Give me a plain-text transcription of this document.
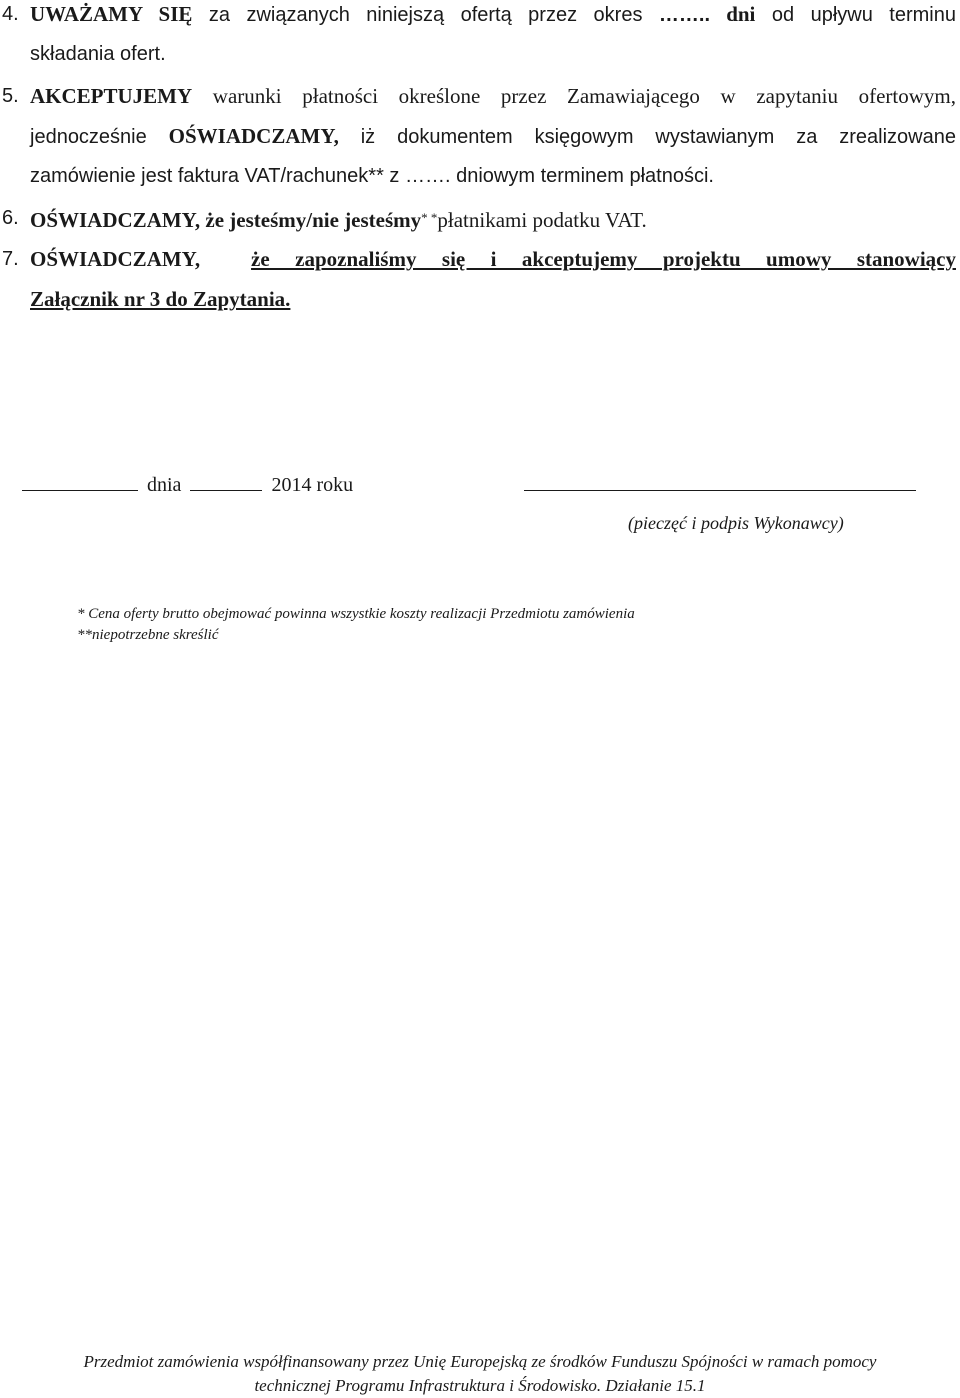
4. UWAŻAMY SIĘ za związanych niniejszą ofertą przez okres …….. dni od upływu terminu
składania ofert.
5. AKCEPTUJEMY warunki płatności określone przez Zamawiającego w zapytaniu ofertowym,
jednocześnie OŚWIADCZAMY, iż dokumentem księgowym wystawianym za zrealizowane
zamówienie jest faktura VAT/rachunek** z ……. dniowym terminem płatności.
6. OŚWIADCZAMY, że jesteśmy/nie jesteśmy* *płatnikami podatku VAT.
7. OŚWIADCZAMY, że zapoznaliśmy się i akceptujemy projektu umowy stanowiący
Załącznik nr 3 do Zapytania.
dnia	2014 roku
(pieczęć i podpis Wykonawcy)
* Cena oferty brutto obejmować powinna wszystkie koszty realizacji Przedmiotu zamówienia
**niepotrzebne skreślić
Przedmiot zamówienia współfinansowany przez Unię Europejską ze środków Funduszu Spójności w ramach pomocy
technicznej Programu Infrastruktura i Środowisko. Działanie 15.1
